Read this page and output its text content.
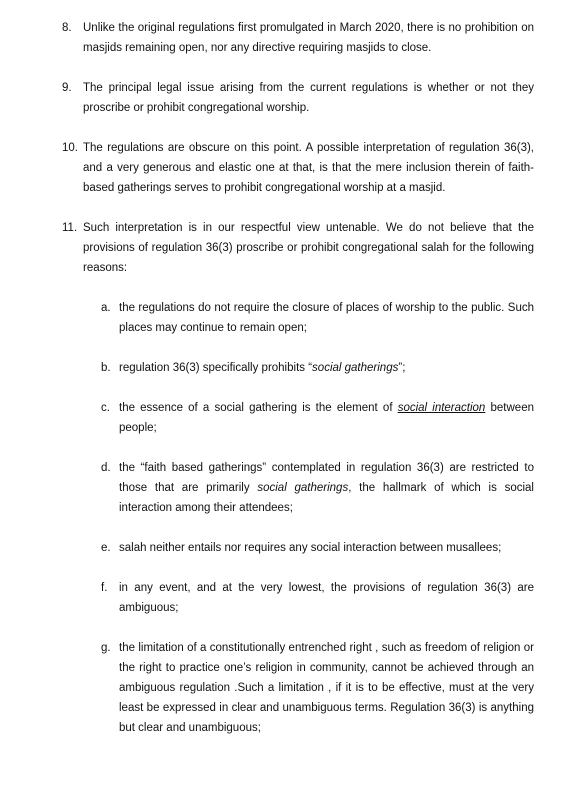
8. Unlike the original regulations first promulgated in March 2020, there is no prohibition on masjids remaining open, nor any directive requiring masjids to close.
9. The principal legal issue arising from the current regulations is whether or not they proscribe or prohibit congregational worship.
10. The regulations are obscure on this point. A possible interpretation of regulation 36(3), and a very generous and elastic one at that, is that the mere inclusion therein of faith-based gatherings serves to prohibit congregational worship at a masjid.
11. Such interpretation is in our respectful view untenable. We do not believe that the provisions of regulation 36(3) proscribe or prohibit congregational salah for the following reasons:
a. the regulations do not require the closure of places of worship to the public. Such places may continue to remain open;
b. regulation 36(3) specifically prohibits “social gatherings”;
c. the essence of a social gathering is the element of social interaction between people;
d. the “faith based gatherings” contemplated in regulation 36(3) are restricted to those that are primarily social gatherings, the hallmark of which is social interaction among their attendees;
e. salah neither entails nor requires any social interaction between musallees;
f. in any event, and at the very lowest, the provisions of regulation 36(3) are ambiguous;
g. the limitation of a constitutionally entrenched right , such as freedom of religion or the right to practice one’s religion in community, cannot be achieved through an ambiguous regulation .Such a limitation , if it is to be effective, must at the very least be expressed in clear and unambiguous terms. Regulation 36(3) is anything but clear and unambiguous;
